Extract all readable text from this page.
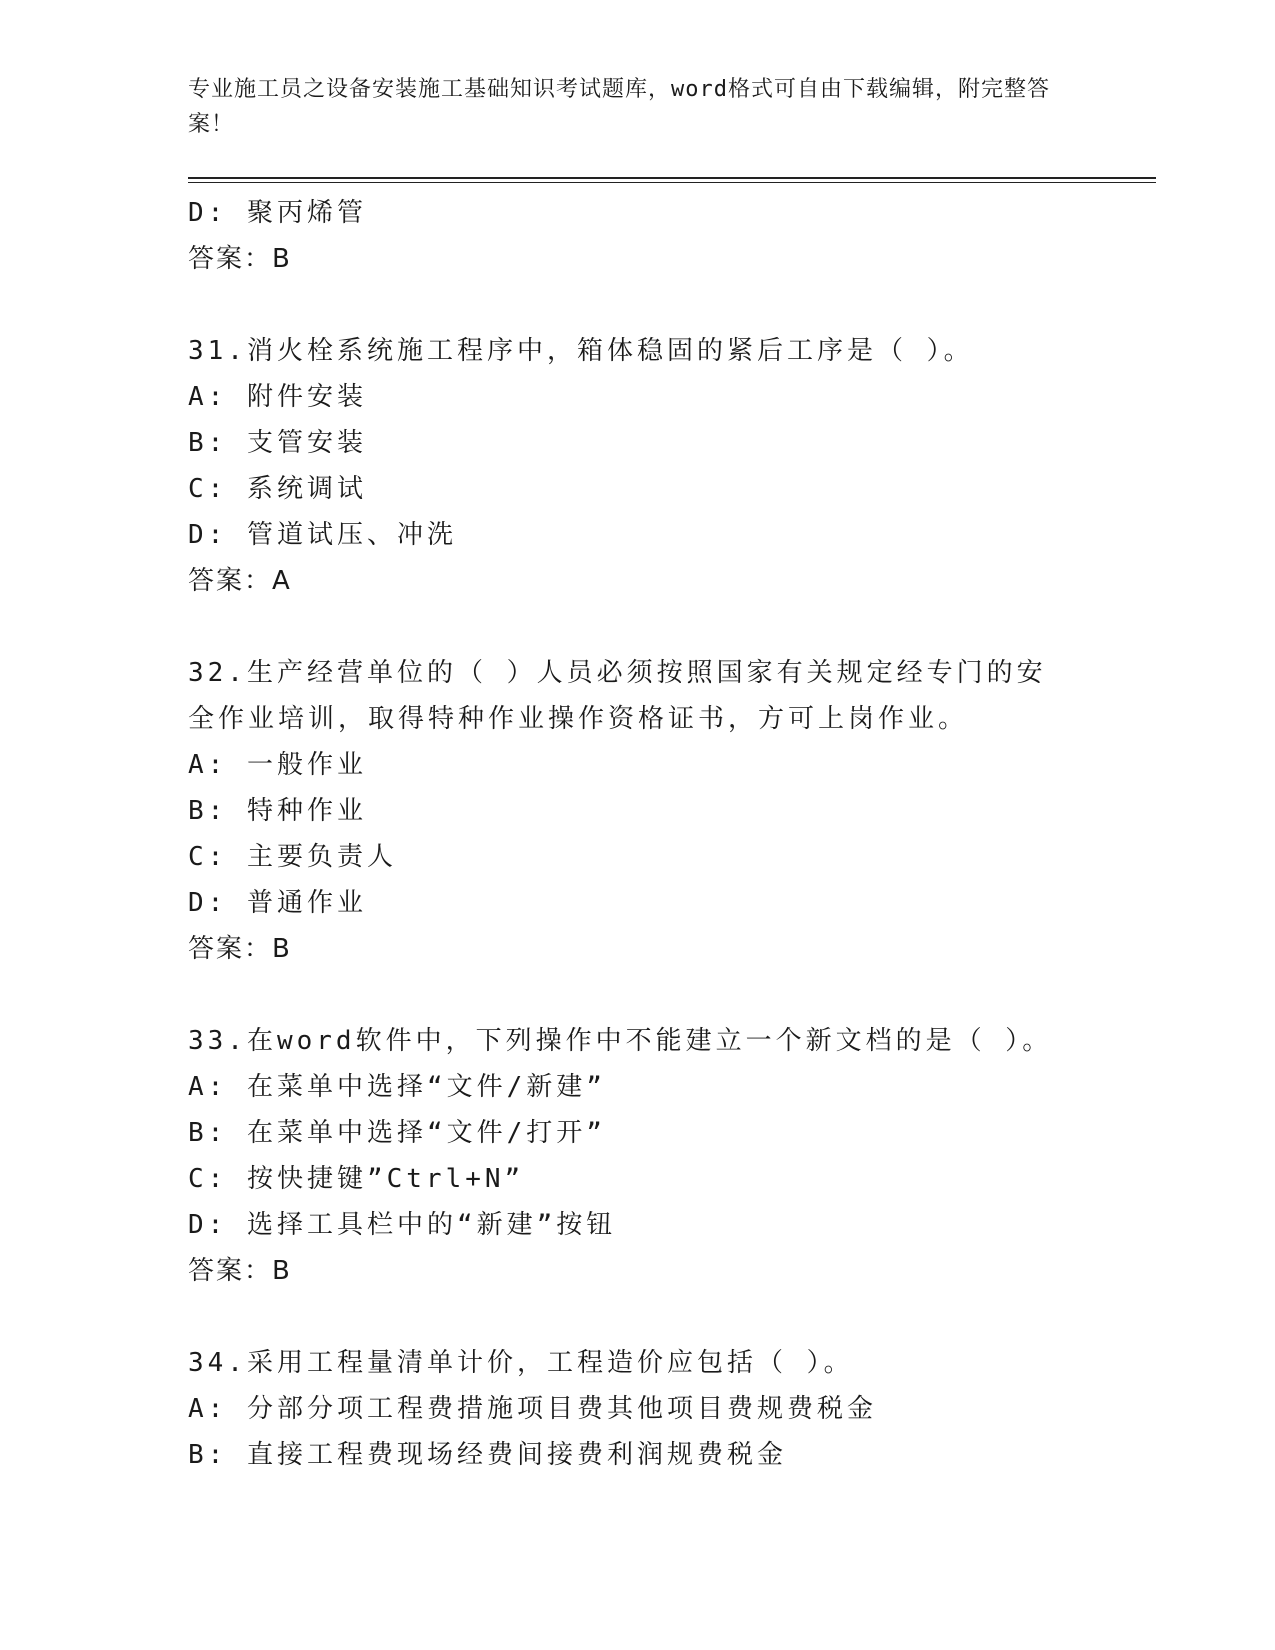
专业施工员之设备安装施工基础知识考试题库，word格式可自由下载编辑，附完整答案！
D: 聚丙烯管
答案：B
31.消火栓系统施工程序中，箱体稳固的紧后工序是（ ）。
A: 附件安装
B: 支管安装
C: 系统调试
D: 管道试压、冲洗
答案：A
32.生产经营单位的（ ）人员必须按照国家有关规定经专门的安全作业培训，取得特种作业操作资格证书，方可上岗作业。
A: 一般作业
B: 特种作业
C: 主要负责人
D: 普通作业
答案：B
33.在word软件中，下列操作中不能建立一个新文档的是（ ）。
A: 在菜单中选择“文件/新建”
B: 在菜单中选择“文件/打开”
C: 按快捷键”Ctrl+N”
D: 选择工具栏中的“新建”按钮
答案：B
34.采用工程量清单计价，工程造价应包括（ ）。
A: 分部分项工程费措施项目费其他项目费规费税金
B: 直接工程费现场经费间接费利润规费税金
